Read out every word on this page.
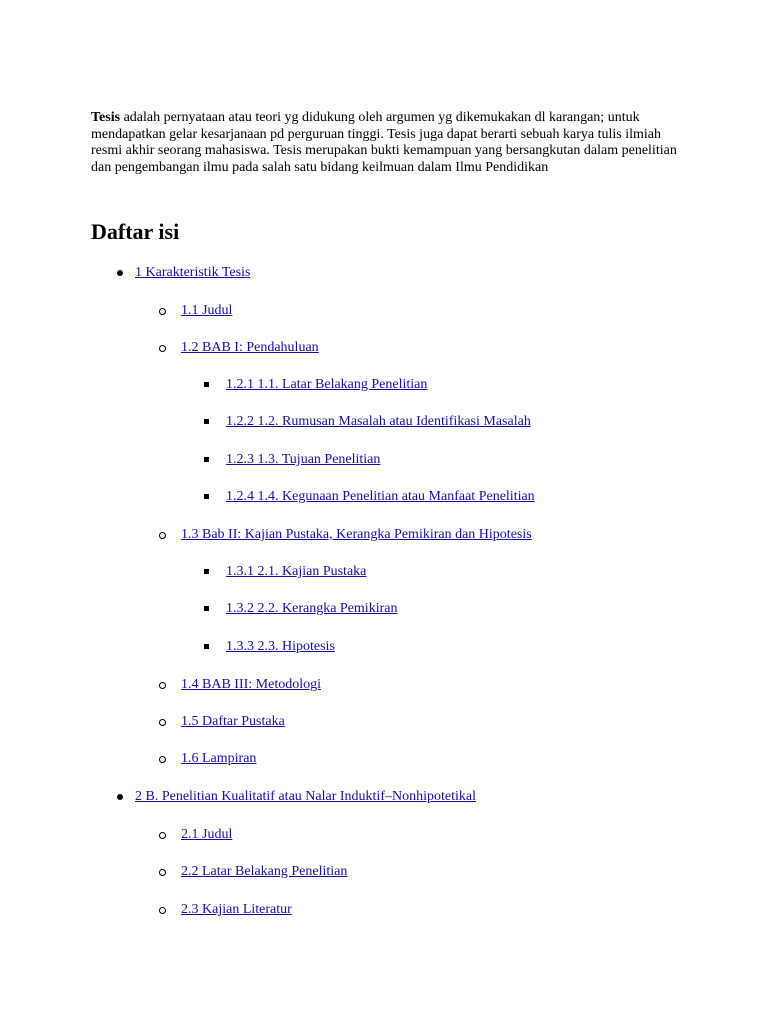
Tesis adalah pernyataan atau teori yg didukung oleh argumen yg dikemukakan dl karangan; untuk mendapatkan gelar kesarjanaan pd perguruan tinggi. Tesis juga dapat berarti sebuah karya tulis ilmiah resmi akhir seorang mahasiswa. Tesis merupakan bukti kemampuan yang bersangkutan dalam penelitian dan pengembangan ilmu pada salah satu bidang keilmuan dalam Ilmu Pendidikan

Daftar isi
1 Karakteristik Tesis
1.1 Judul
1.2 BAB I: Pendahuluan
1.2.1 1.1. Latar Belakang Penelitian
1.2.2 1.2. Rumusan Masalah atau Identifikasi Masalah
1.2.3 1.3. Tujuan Penelitian
1.2.4 1.4. Kegunaan Penelitian atau Manfaat Penelitian
1.3 Bab II: Kajian Pustaka, Kerangka Pemikiran dan Hipotesis
1.3.1 2.1. Kajian Pustaka
1.3.2 2.2. Kerangka Pemikiran
1.3.3 2.3. Hipotesis
1.4 BAB III: Metodologi
1.5 Daftar Pustaka
1.6 Lampiran
2 B. Penelitian Kualitatif atau Nalar Induktif–Nonhipotetikal
2.1 Judul
2.2 Latar Belakang Penelitian
2.3 Kajian Literatur
